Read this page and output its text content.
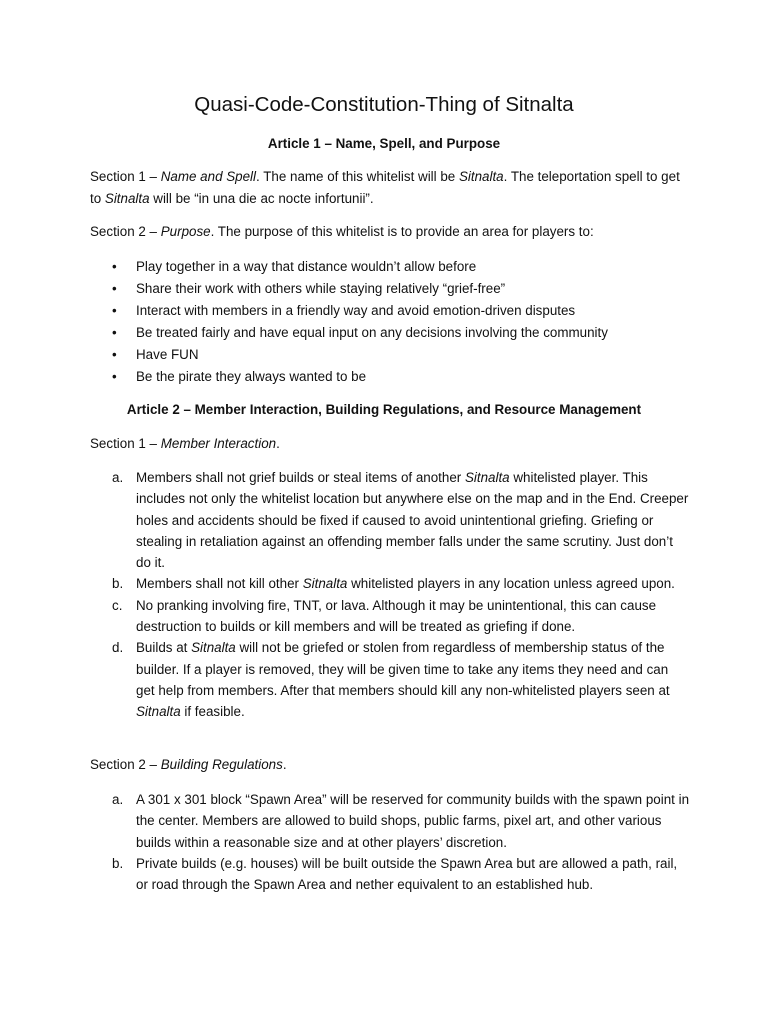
Quasi-Code-Constitution-Thing of Sitnalta
Article 1 – Name, Spell, and Purpose
Section 1 – Name and Spell. The name of this whitelist will be Sitnalta. The teleportation spell to get to Sitnalta will be “in una die ac nocte infortunii”.
Section 2 – Purpose. The purpose of this whitelist is to provide an area for players to:
• Play together in a way that distance wouldn’t allow before
• Share their work with others while staying relatively “grief-free”
• Interact with members in a friendly way and avoid emotion-driven disputes
• Be treated fairly and have equal input on any decisions involving the community
• Have FUN
• Be the pirate they always wanted to be
Article 2 – Member Interaction, Building Regulations, and Resource Management
Section 1 – Member Interaction.
a. Members shall not grief builds or steal items of another Sitnalta whitelisted player. This includes not only the whitelist location but anywhere else on the map and in the End. Creeper holes and accidents should be fixed if caused to avoid unintentional griefing. Griefing or stealing in retaliation against an offending member falls under the same scrutiny. Just don’t do it.
b. Members shall not kill other Sitnalta whitelisted players in any location unless agreed upon.
c. No pranking involving fire, TNT, or lava. Although it may be unintentional, this can cause destruction to builds or kill members and will be treated as griefing if done.
d. Builds at Sitnalta will not be griefed or stolen from regardless of membership status of the builder. If a player is removed, they will be given time to take any items they need and can get help from members. After that members should kill any non-whitelisted players seen at Sitnalta if feasible.
Section 2 – Building Regulations.
a. A 301 x 301 block “Spawn Area” will be reserved for community builds with the spawn point in the center. Members are allowed to build shops, public farms, pixel art, and other various builds within a reasonable size and at other players’ discretion.
b. Private builds (e.g. houses) will be built outside the Spawn Area but are allowed a path, rail, or road through the Spawn Area and nether equivalent to an established hub.
